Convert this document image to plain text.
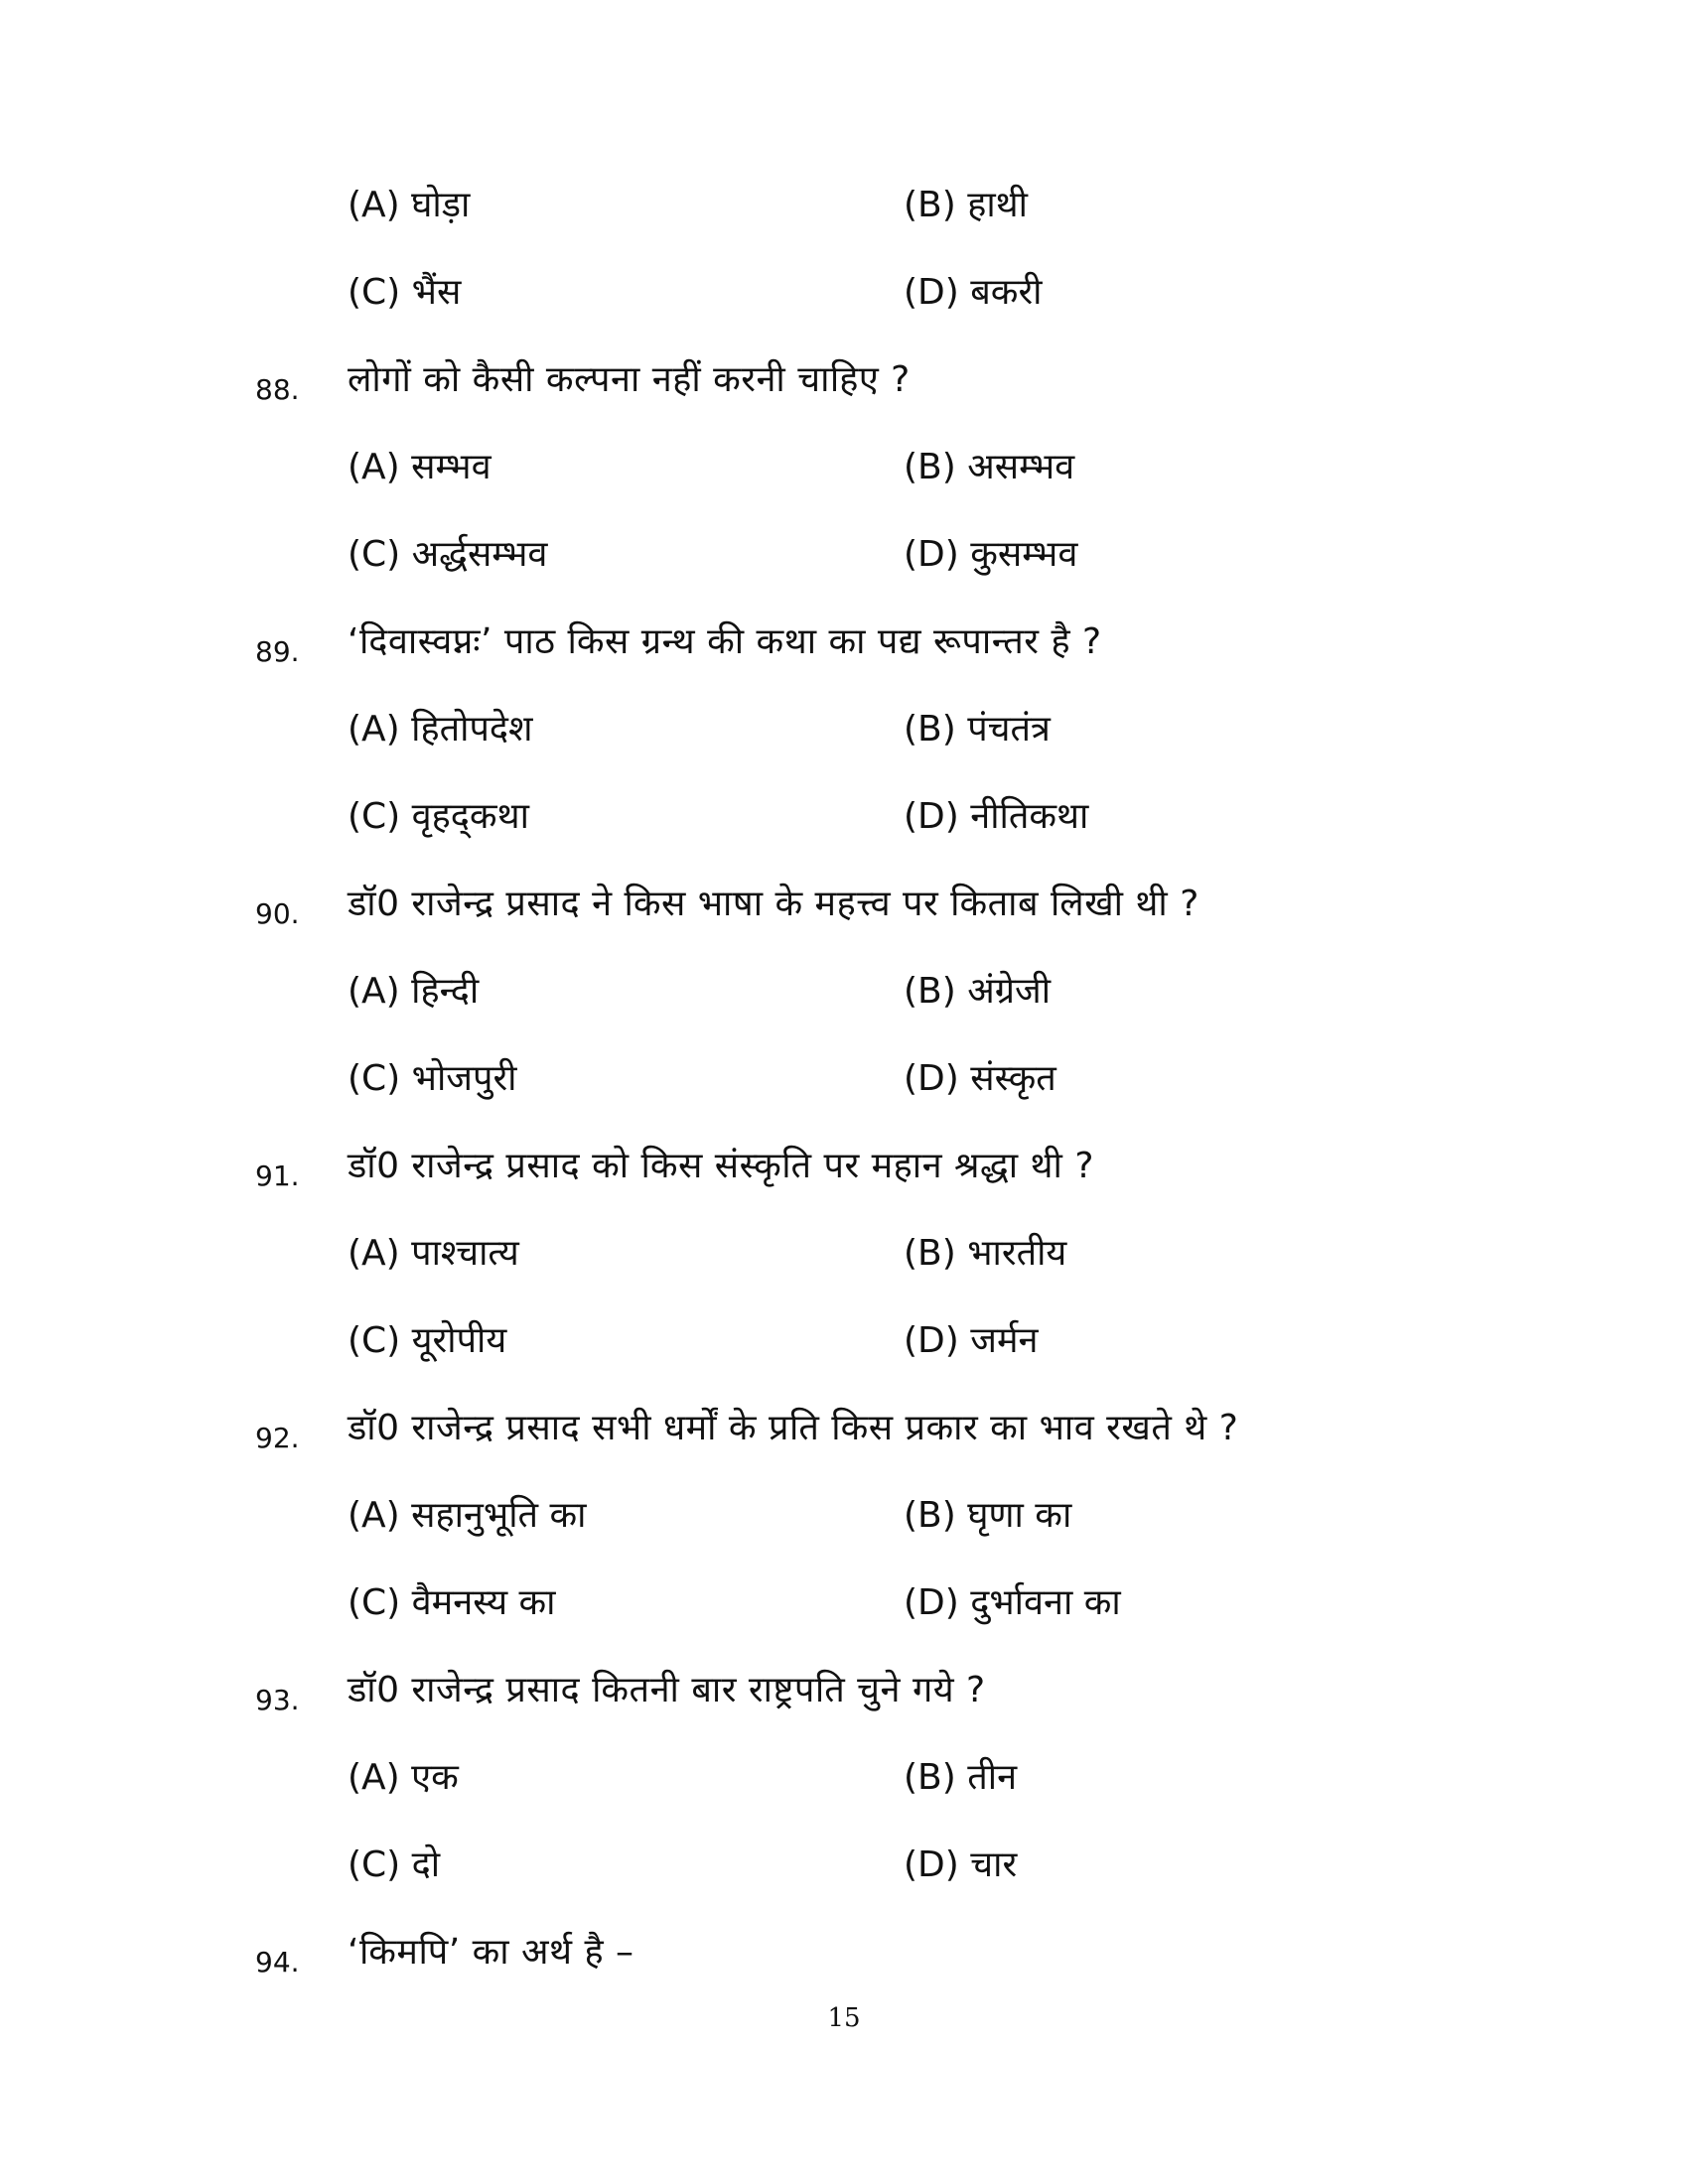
(A) घोड़ा	(B) हाथी
(C) भैंस	(D) बकरी
88. लोगों को कैसी कल्पना नहीं करनी चाहिए ?
(A) सम्भव	(B) असम्भव
(C) अर्द्धसम्भव	(D) कुसम्भव
89. ‘दिवास्वप्नः’ पाठ किस ग्रन्थ की कथा का पद्य रूपान्तर है ?
(A) हितोपदेश	(B) पंचतंत्र
(C) वृहद्‌कथा	(D) नीतिकथा
90. डॉ0 राजेन्द्र प्रसाद ने किस भाषा के महत्त्व पर किताब लिखी थी ?
(A) हिन्दी	(B) अंग्रेजी
(C) भोजपुरी	(D) संस्कृत
91. डॉ0 राजेन्द्र प्रसाद को किस संस्कृति पर महान श्रद्धा थी ?
(A) पाश्चात्य	(B) भारतीय
(C) यूरोपीय	(D) जर्मन
92. डॉ0 राजेन्द्र प्रसाद सभी धर्मों के प्रति किस प्रकार का भाव रखते थे ?
(A) सहानुभूति का	(B) घृणा का
(C) वैमनस्य का	(D) दुर्भावना का
93. डॉ0 राजेन्द्र प्रसाद कितनी बार राष्ट्रपति चुने गये ?
(A) एक	(B) तीन
(C) दो	(D) चार
94. ‘किमपि’ का अर्थ है –
15
